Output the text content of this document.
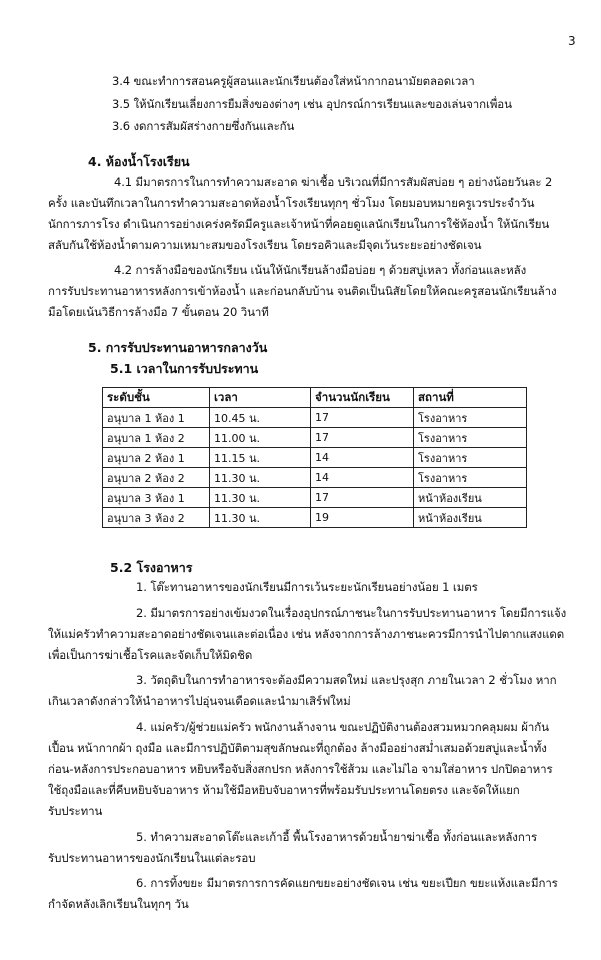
3
3.4 ขณะทำการสอนครูผู้สอนและนักเรียนต้องใส่หน้ากากอนามัยตลอดเวลา
3.5 ให้นักเรียนเลี่ยงการยืมสิ่งของต่างๆ เช่น อุปกรณ์การเรียนและของเล่นจากเพื่อน
3.6 งดการสัมผัสร่างกายซึ่งกันและกัน
4. ห้องน้ำโรงเรียน
4.1 มีมาตรการในการทำความสะอาด ฆ่าเชื้อ บริเวณที่มีการสัมผัสบ่อย ๆ อย่างน้อยวันละ 2
ครั้ง และบันทึกเวลาในการทำความสะอาดห้องน้ำโรงเรียนทุกๆ ชั่วโมง โดยมอบหมายครูเวรประจำวัน
นักการภารโรง ดำเนินการอย่างเคร่งครัดมีครูและเจ้าหน้าที่คอยดูแลนักเรียนในการใช้ห้องน้ำ ให้นักเรียน
สลับกันใช้ห้องน้ำตามความเหมาะสมของโรงเรียน โดยรอคิวและมีจุดเว้นระยะอย่างชัดเจน
4.2 การล้างมือของนักเรียน เน้นให้นักเรียนล้างมือบ่อย ๆ ด้วยสบู่เหลว ทั้งก่อนและหลัง
การรับประทานอาหารหลังการเข้าห้องน้ำ และก่อนกลับบ้าน จนติดเป็นนิสัยโดยให้คณะครูสอนนักเรียนล้าง
มือโดยเน้นวิธีการล้างมือ 7 ขั้นตอน 20 วินาที
5. การรับประทานอาหารกลางวัน
5.1 เวลาในการรับประทาน
ระดับชั้น	เวลา	จำนวนนักเรียน	สถานที่
อนุบาล 1 ห้อง 1	10.45 น.	17	โรงอาหาร
อนุบาล 1 ห้อง 2	11.00 น.	17	โรงอาหาร
อนุบาล 2 ห้อง 1	11.15 น.	14	โรงอาหาร
อนุบาล 2 ห้อง 2	11.30 น.	14	โรงอาหาร
อนุบาล 3 ห้อง 1	11.30 น.	17	หน้าห้องเรียน
อนุบาล 3 ห้อง 2	11.30 น.	19	หน้าห้องเรียน
5.2 โรงอาหาร
1. โต๊ะทานอาหารของนักเรียนมีการเว้นระยะนักเรียนอย่างน้อย 1 เมตร
2. มีมาตรการอย่างเข้มงวดในเรื่องอุปกรณ์ภาชนะในการรับประทานอาหาร โดยมีการแจ้ง
ให้แม่ครัวทำความสะอาดอย่างชัดเจนและต่อเนื่อง เช่น หลังจากการล้างภาชนะควรมีการนำไปตากแสงแดด
เพื่อเป็นการฆ่าเชื้อโรคและจัดเก็บให้มิดชิด
3. วัตถุดิบในการทำอาหารจะต้องมีความสดใหม่ และปรุงสุก ภายในเวลา 2 ชั่วโมง หาก
เกินเวลาดังกล่าวให้นำอาหารไปอุ่นจนเดือดและนำมาเสิร์ฟใหม่
4. แม่ครัว/ผู้ช่วยแม่ครัว พนักงานล้างจาน ขณะปฏิบัติงานต้องสวมหมวกคลุมผม ผ้ากัน
เปื้อน หน้ากากผ้า ถุงมือ และมีการปฏิบัติตามสุขลักษณะที่ถูกต้อง ล้างมืออย่างสม่ำเสมอด้วยสบู่และน้ำทั้ง
ก่อน-หลังการประกอบอาหาร หยิบหรือจับสิ่งสกปรก หลังการใช้ส้วม และไม่ไอ จามใส่อาหาร ปกปิดอาหาร
ใช้ถุงมือและที่คีบหยิบจับอาหาร ห้ามใช้มือหยิบจับอาหารที่พร้อมรับประทานโดยตรง และจัดให้แยก
รับประทาน
5. ทำความสะอาดโต๊ะและเก้าอี้ พื้นโรงอาหารด้วยน้ำยาฆ่าเชื้อ ทั้งก่อนและหลังการ
รับประทานอาหารของนักเรียนในแต่ละรอบ
6. การทิ้งขยะ มีมาตรการการคัดแยกขยะอย่างชัดเจน เช่น ขยะเปียก ขยะแห้งและมีการ
กำจัดหลังเลิกเรียนในทุกๆ วัน
